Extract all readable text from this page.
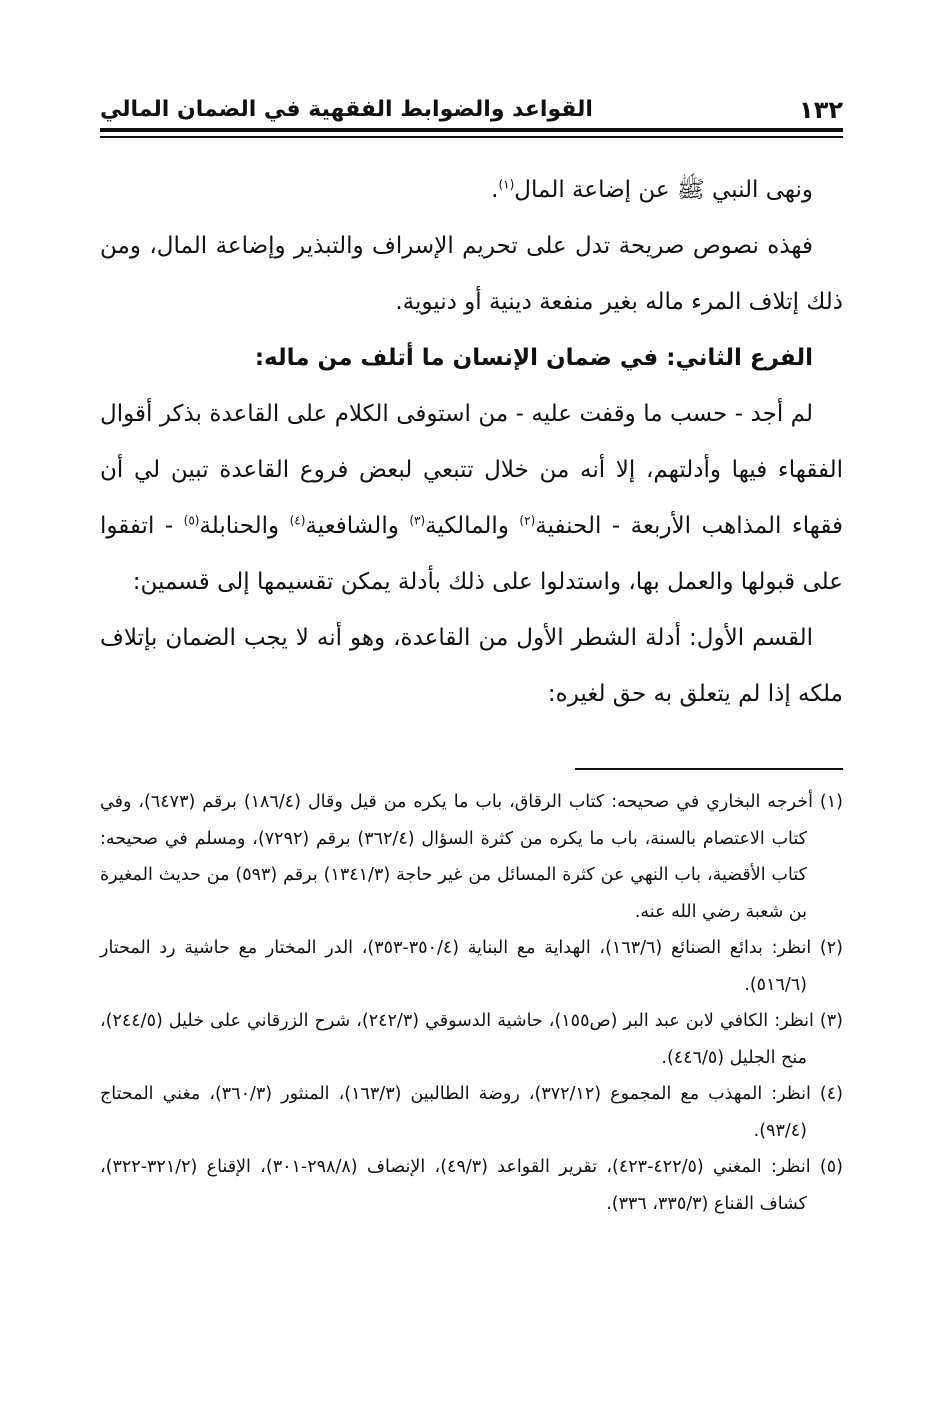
١٣٢
القواعد والضوابط الفقهية في الضمان المالي

ونهى النبي ﷺ عن إضاعة المال$^{(١)}$.

فهذه نصوص صريحة تدل على تحريم الإسراف والتبذير وإضاعة المال، ومن ذلك إتلاف المرء ماله بغير منفعة دينية أو دنيوية.

الفرع الثاني: في ضمان الإنسان ما أتلف من ماله:

لم أجد - حسب ما وقفت عليه - من استوفى الكلام على القاعدة بذكر أقوال الفقهاء فيها وأدلتهم، إلا أنه من خلال تتبعي لبعض فروع القاعدة تبين لي أن فقهاء المذاهب الأربعة - الحنفية$^{(٢)}$ والمالكية$^{(٣)}$ والشافعية$^{(٤)}$ والحنابلة$^{(٥)}$ - اتفقوا على قبولها والعمل بها، واستدلوا على ذلك بأدلة يمكن تقسيمها إلى قسمين:

القسم الأول: أدلة الشطر الأول من القاعدة، وهو أنه لا يجب الضمان بإتلاف ملكه إذا لم يتعلق به حق لغيره:

(١) أخرجه البخاري في صحيحه: كتاب الرقاق، باب ما يكره من قيل وقال (١٨٦/٤) برقم (٦٤٧٣)، وفي كتاب الاعتصام بالسنة، باب ما يكره من كثرة السؤال (٣٦٢/٤) برقم (٧٢٩٢)، ومسلم في صحيحه: كتاب الأقضية، باب النهي عن كثرة المسائل من غير حاجة (١٣٤١/٣) برقم (٥٩٣) من حديث المغيرة بن شعبة رضي الله عنه.

(٢) انظر: بدائع الصنائع (١٦٣/٦)، الهداية مع البناية (٣٥٠/٤-٣٥٣)، الدر المختار مع حاشية رد المحتار (٥١٦/٦).

(٣) انظر: الكافي لابن عبد البر (ص١٥٥)، حاشية الدسوقي (٢٤٢/٣)، شرح الزرقاني على خليل (٢٤٤/٥)، منح الجليل (٤٤٦/٥).

(٤) انظر: المهذب مع المجموع (٣٧٢/١٢)، روضة الطالبين (١٦٣/٣)، المنثور (٣٦٠/٣)، مغني المحتاج (٩٣/٤).

(٥) انظر: المغني (٤٢٢/٥-٤٢٣)، تقرير القواعد (٤٩/٣)، الإنصاف (٢٩٨/٨-٣٠١)، الإقناع (٣٢١/٢-٣٢٢)، كشاف القناع (٣٣٥/٣، ٣٣٦).
